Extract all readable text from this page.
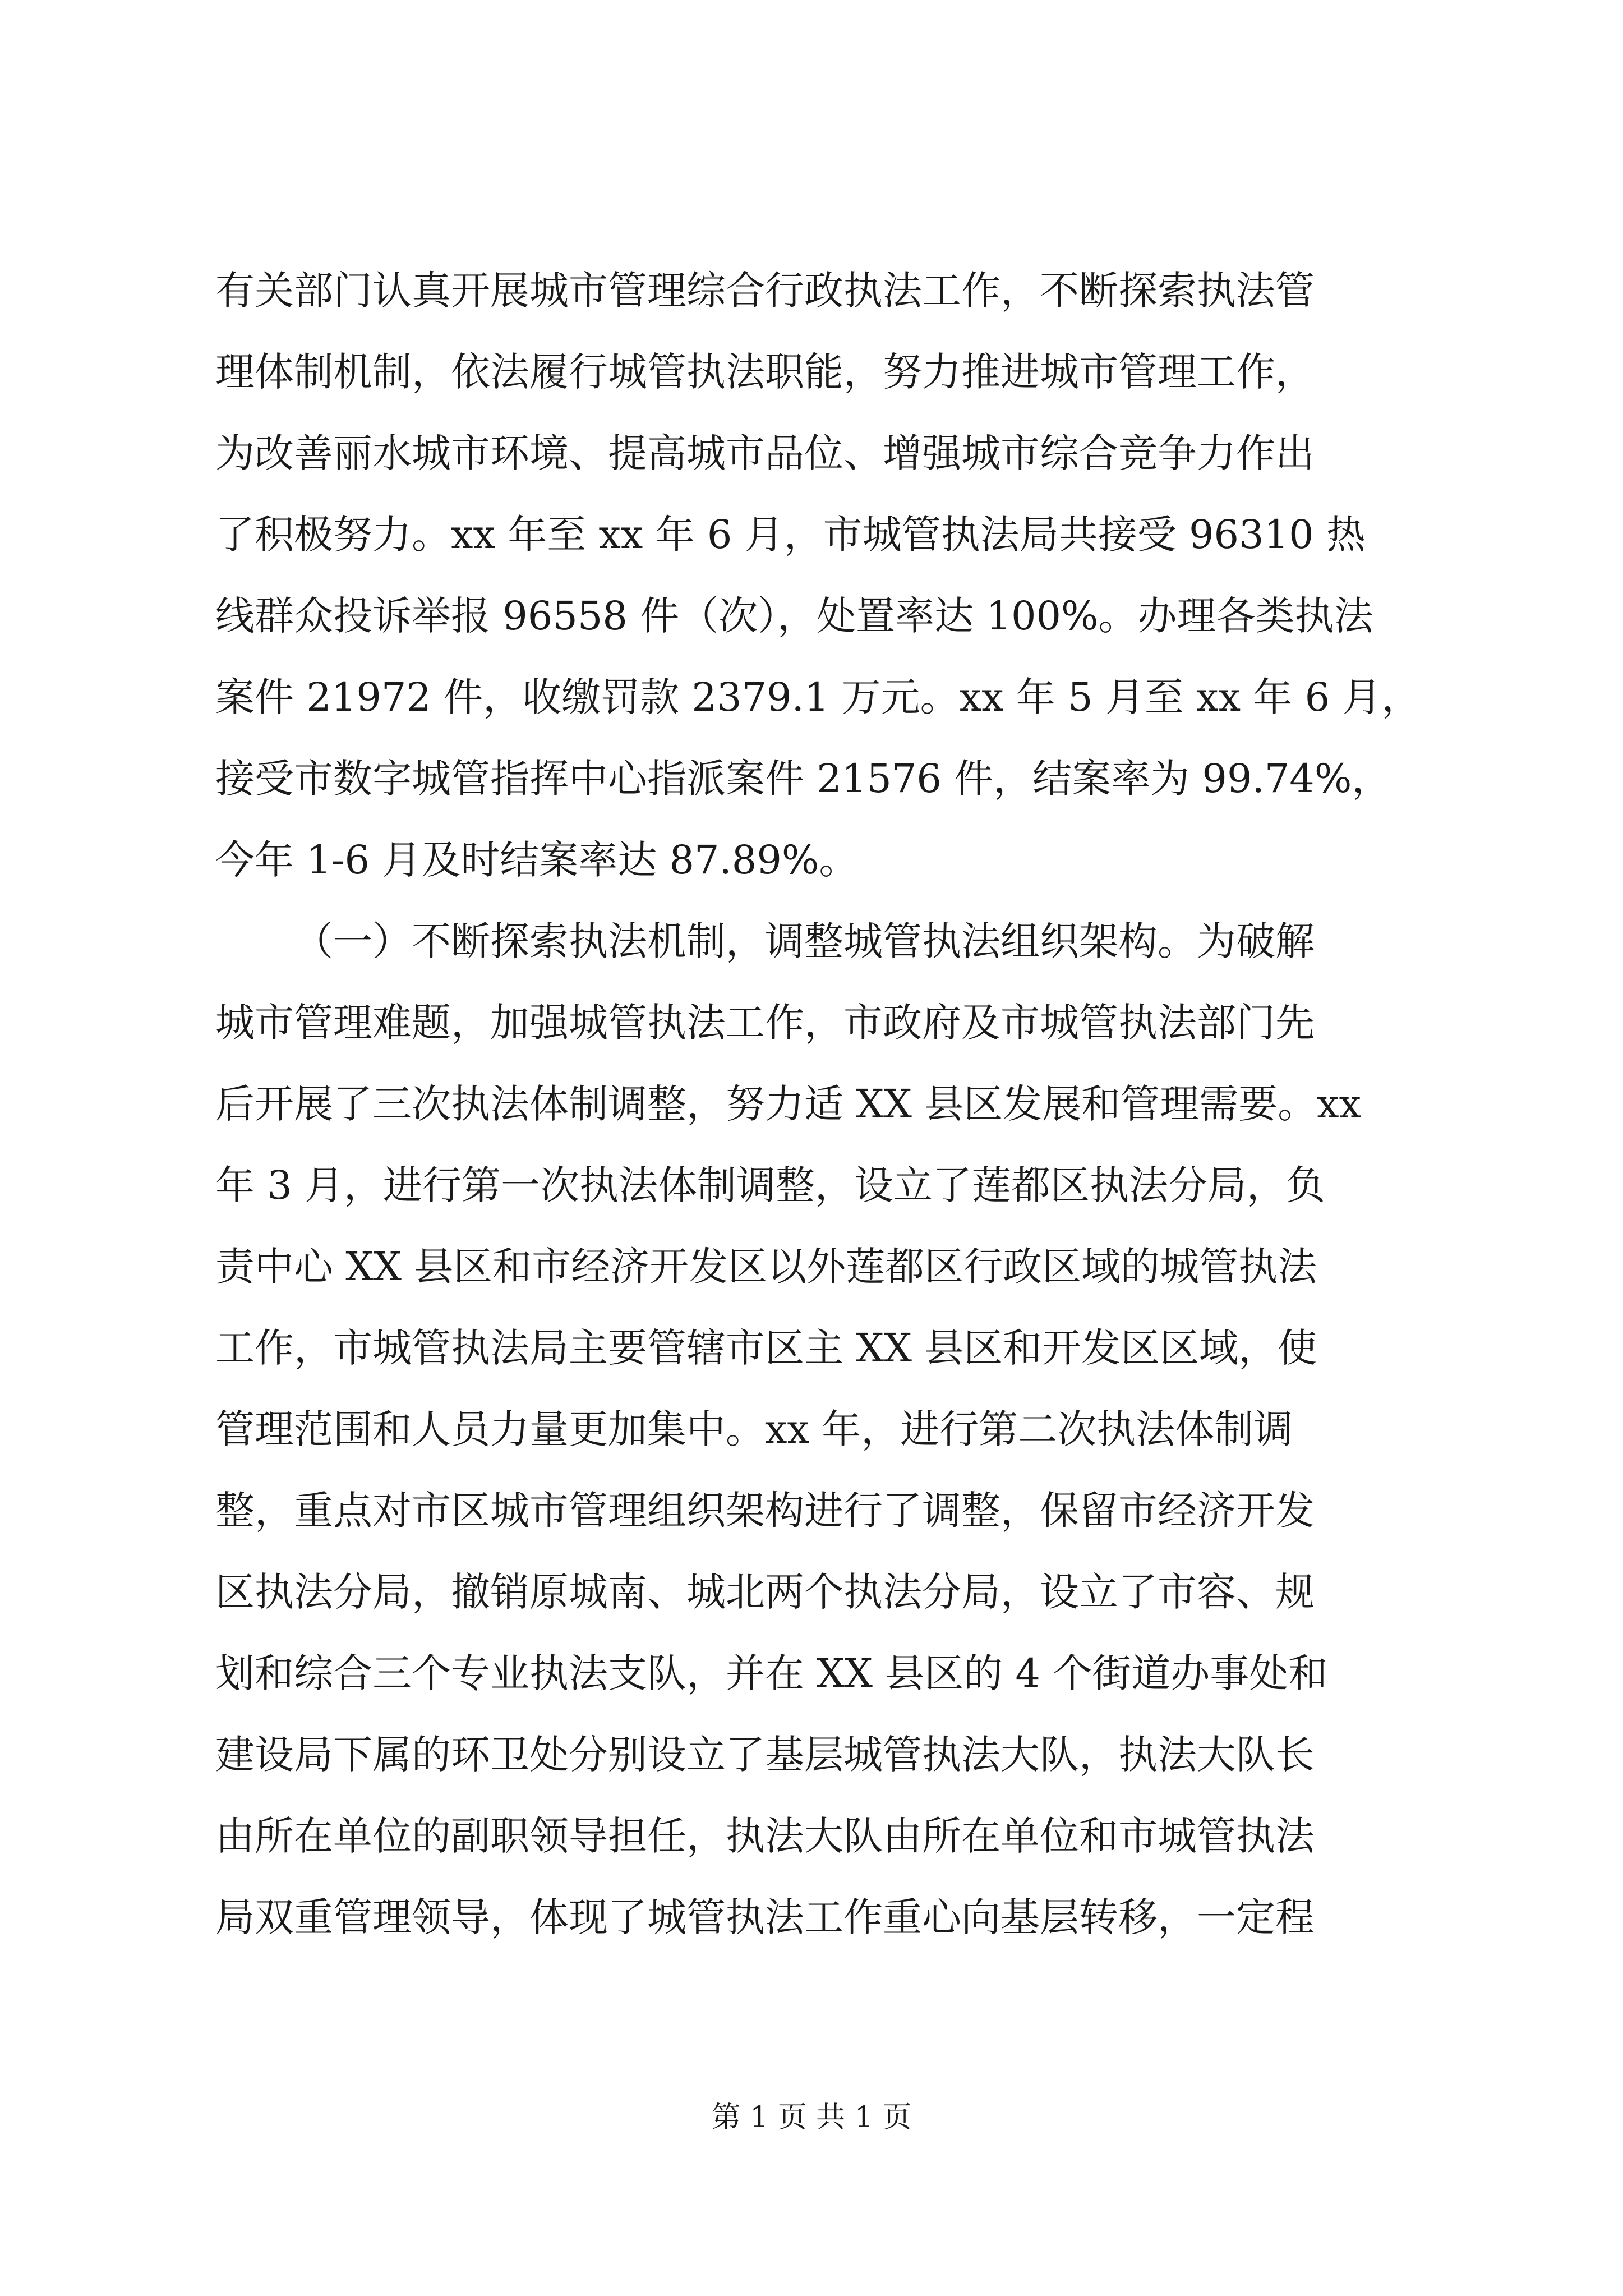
有关部门认真开展城市管理综合行政执法工作，不断探索执法管
理体制机制，依法履行城管执法职能，努力推进城市管理工作，
为改善丽水城市环境、提高城市品位、增强城市综合竞争力作出
了积极努力。xx 年至 xx 年 6 月，市城管执法局共接受 96310 热
线群众投诉举报 96558 件（次），处置率达 100%。办理各类执法
案件 21972 件，收缴罚款 2379.1 万元。xx 年 5 月至 xx 年 6 月，
接受市数字城管指挥中心指派案件 21576 件，结案率为 99.74%，
今年 1-6 月及时结案率达 87.89%。
（一）不断探索执法机制，调整城管执法组织架构。为破解
城市管理难题，加强城管执法工作，市政府及市城管执法部门先
后开展了三次执法体制调整，努力适 XX 县区发展和管理需要。xx
年 3 月，进行第一次执法体制调整，设立了莲都区执法分局，负
责中心 XX 县区和市经济开发区以外莲都区行政区域的城管执法
工作，市城管执法局主要管辖市区主 XX 县区和开发区区域，使
管理范围和人员力量更加集中。xx 年，进行第二次执法体制调
整，重点对市区城市管理组织架构进行了调整，保留市经济开发
区执法分局，撤销原城南、城北两个执法分局，设立了市容、规
划和综合三个专业执法支队，并在 XX 县区的 4 个街道办事处和
建设局下属的环卫处分别设立了基层城管执法大队，执法大队长
由所在单位的副职领导担任，执法大队由所在单位和市城管执法
局双重管理领导，体现了城管执法工作重心向基层转移，一定程
第 1 页 共 1 页
